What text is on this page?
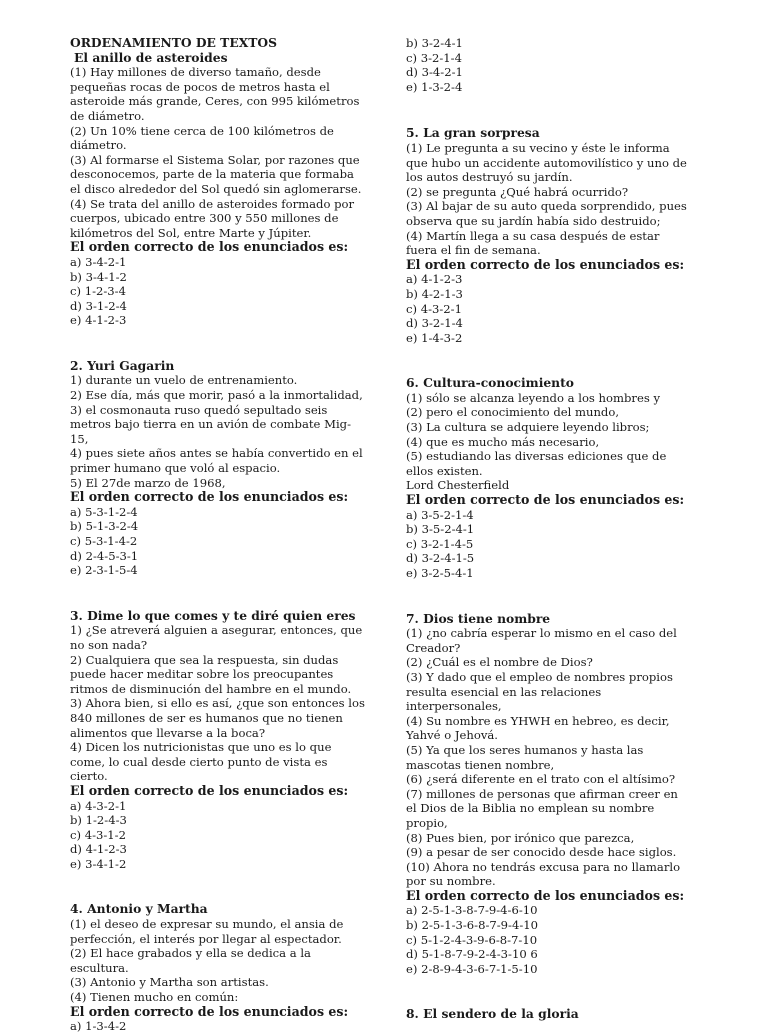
ORDENAMIENTO DE TEXTOS
El anillo de asteroides

(1) Hay millones de diverso tamaño, desde pequeñas rocas de pocos de metros hasta el asteroide más grande, Ceres, con 995 kilómetros de diámetro.

(2) Un 10% tiene cerca de 100 kilómetros de diámetro.

(3) Al formarse el Sistema Solar, por razones que desconocemos, parte de la materia que formaba el disco alrededor del Sol quedó sin aglomerarse.

(4) Se trata del anillo de asteroides formado por cuerpos, ubicado entre 300 y 550 millones de kilómetros del Sol, entre Marte y Júpiter.

El orden correcto de los enunciados es:

a) 3-4-2-1

b) 3-4-1-2

c) 1-2-3-4

d) 3-1-2-4

e) 4-1-2-3

2. Yuri Gagarin

1) durante un vuelo de entrenamiento.

2) Ese día, más que morir, pasó a la inmortalidad,

3) el cosmonauta ruso quedó sepultado seis metros bajo tierra en un avión de combate Mig-15,

4) pues siete años antes se había convertido en el primer humano que voló al espacio.

5) El 27de marzo de 1968,

El orden correcto de los enunciados es:

a) 5-3-1-2-4

b) 5-1-3-2-4

c) 5-3-1-4-2

d) 2-4-5-3-1

e) 2-3-1-5-4

3. Dime lo que comes y te diré quien eres

1) ¿Se atreverá alguien a asegurar, entonces, que no son nada?

2) Cualquiera que sea la respuesta, sin dudas puede hacer meditar sobre los preocupantes ritmos de disminución del hambre en el mundo.

3) Ahora bien, si ello es así, ¿que son entonces los 840 millones de ser es humanos que no tienen alimentos que llevarse a la boca?

4) Dicen los nutricionistas que uno es lo que come, lo cual desde cierto punto de vista es cierto.

El orden correcto de los enunciados es:

a) 4-3-2-1

b) 1-2-4-3

c) 4-3-1-2

d) 4-1-2-3

e) 3-4-1-2

4. Antonio y Martha

(1) el deseo de expresar su mundo, el ansia de perfección, el interés por llegar al espectador.

(2) El hace grabados y ella se dedica a la escultura.

(3) Antonio y Martha son artistas.

(4) Tienen mucho en común:

El orden correcto de los enunciados es:

a) 1-3-4-2

b) 3-2-4-1

c) 3-2-1-4

d) 3-4-2-1

e) 1-3-2-4

5. La gran sorpresa

(1) Le pregunta a su vecino y éste le informa que hubo un accidente automovilístico y uno de los autos destruyó su jardín.

(2) se pregunta ¿Qué habrá ocurrido?

(3) Al bajar de su auto queda sorprendido, pues observa que su jardín había sido destruido;

(4) Martín llega a su casa después de estar fuera el fin de semana.

El orden correcto de los enunciados es:

a) 4-1-2-3

b) 4-2-1-3

c) 4-3-2-1

d) 3-2-1-4

e) 1-4-3-2

6. Cultura-conocimiento

(1) sólo se alcanza leyendo a los hombres y

(2) pero el conocimiento del mundo,

(3) La cultura se adquiere leyendo libros;

(4) que es mucho más necesario,

(5) estudiando las diversas ediciones que de ellos existen.

Lord Chesterfield

El orden correcto de los enunciados es:

a) 3-5-2-1-4

b) 3-5-2-4-1

c) 3-2-1-4-5

d) 3-2-4-1-5

e) 3-2-5-4-1

7. Dios tiene nombre

(1) ¿no cabría esperar lo mismo en el caso del Creador?

(2) ¿Cuál es el nombre de Dios?

(3) Y dado que el empleo de nombres propios resulta esencial en las relaciones interpersonales,

(4) Su nombre es YHWH en hebreo, es decir, Yahvé o Jehová.

(5) Ya que los seres humanos y hasta las mascotas tienen nombre,

(6) ¿será diferente en el trato con el altísimo?

(7) millones de personas que afirman creer en el Dios de la Biblia no emplean su nombre propio,

(8) Pues bien, por irónico que parezca,

(9) a pesar de ser conocido desde hace siglos.

(10) Ahora no tendrás excusa para no llamarlo por su nombre.

El orden correcto de los enunciados es:

a) 2-5-1-3-8-7-9-4-6-10

b) 2-5-1-3-6-8-7-9-4-10

c) 5-1-2-4-3-9-6-8-7-10

d) 5-1-8-7-9-2-4-3-10 6

e) 2-8-9-4-3-6-7-1-5-10

8. El sendero de la gloria
